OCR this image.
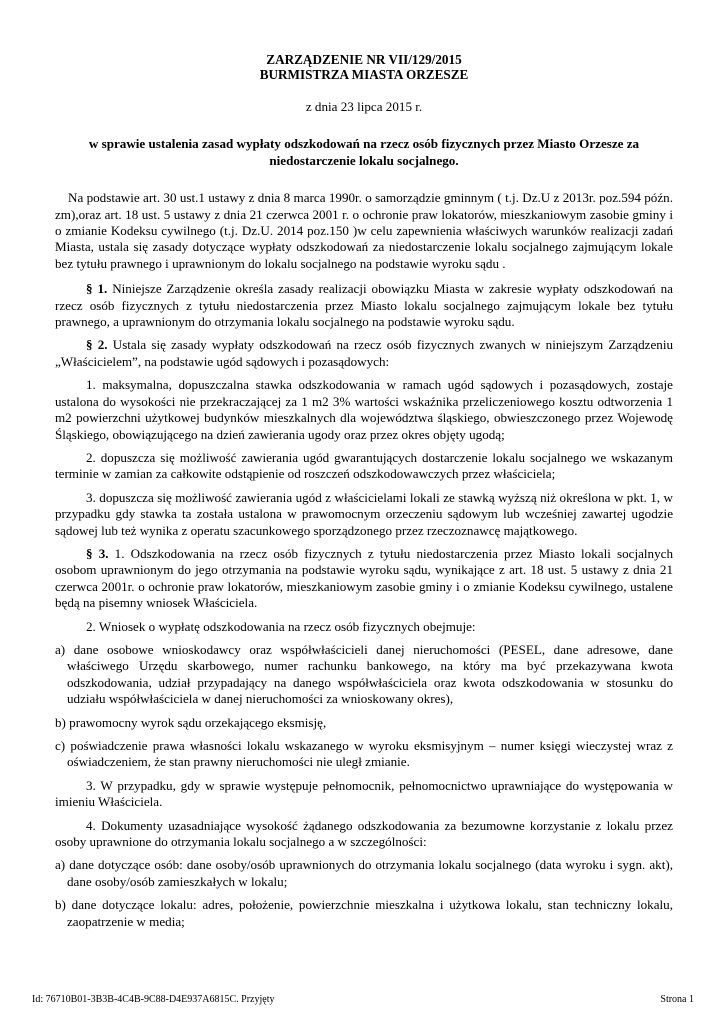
ZARZĄDZENIE NR VII/129/2015

BURMISTRZA MIASTA ORZESZE

z dnia 23 lipca 2015 r.

w sprawie ustalenia zasad wypłaty odszkodowań na rzecz osób fizycznych przez Miasto Orzesze za niedostarczenie lokalu socjalnego.

Na podstawie art. 30 ust.1 ustawy z dnia 8 marca 1990r. o samorządzie gminnym ( t.j. Dz.U z 2013r. poz.594 późn. zm),oraz art. 18 ust. 5 ustawy z dnia 21 czerwca 2001 r. o ochronie praw lokatorów, mieszkaniowym zasobie gminy i o zmianie Kodeksu cywilnego (t.j. Dz.U. 2014 poz.150 )w celu zapewnienia właściwych warunków realizacji zadań Miasta, ustala się zasady dotyczące wypłaty odszkodowań za niedostarczenie lokalu socjalnego zajmującym lokale bez tytułu prawnego i uprawnionym do lokalu socjalnego na podstawie wyroku sądu .

§ 1. Niniejsze Zarządzenie określa zasady realizacji obowiązku Miasta w zakresie wypłaty odszkodowań na rzecz osób fizycznych z tytułu niedostarczenia przez Miasto lokalu socjalnego zajmującym lokale bez tytułu prawnego, a uprawnionym do otrzymania lokalu socjalnego na podstawie wyroku sądu.

§ 2. Ustala się zasady wypłaty odszkodowań na rzecz osób fizycznych zwanych w niniejszym Zarządzeniu „Właścicielem”, na podstawie ugód sądowych i pozasądowych:

1. maksymalna, dopuszczalna stawka odszkodowania w ramach ugód sądowych i pozasądowych, zostaje ustalona do wysokości nie przekraczającej za 1 m2 3% wartości wskaźnika przeliczeniowego kosztu odtworzenia 1 m2 powierzchni użytkowej budynków mieszkalnych dla województwa śląskiego, obwieszczonego przez Wojewodę Śląskiego, obowiązującego na dzień zawierania ugody oraz przez okres objęty ugodą;

2. dopuszcza się możliwość zawierania ugód gwarantujących dostarczenie lokalu socjalnego we wskazanym terminie w zamian za całkowite odstąpienie od roszczeń odszkodowawczych przez właściciela;

3. dopuszcza się możliwość zawierania ugód z właścicielami lokali ze stawką wyższą niż określona w pkt. 1, w przypadku gdy stawka ta została ustalona w prawomocnym orzeczeniu sądowym lub wcześniej zawartej ugodzie sądowej lub też wynika z operatu szacunkowego sporządzonego przez rzeczoznawcę majątkowego.

§ 3. 1. Odszkodowania na rzecz osób fizycznych z tytułu niedostarczenia przez Miasto lokali socjalnych osobom uprawnionym do jego otrzymania na podstawie wyroku sądu, wynikające z art. 18 ust. 5 ustawy z dnia 21 czerwca 2001r. o ochronie praw lokatorów, mieszkaniowym zasobie gminy i o zmianie Kodeksu cywilnego, ustalene będą na pisemny wniosek Właściciela.

2. Wniosek o wypłatę odszkodowania na rzecz osób fizycznych obejmuje:

a) dane osobowe wnioskodawcy oraz współwłaścicieli danej nieruchomości (PESEL, dane adresowe, dane właściwego Urzędu skarbowego, numer rachunku bankowego, na który ma być przekazywana kwota odszkodowania, udział przypadający na danego współwłaściciela oraz kwota odszkodowania w stosunku do udziału współwłaściciela w danej nieruchomości za wnioskowany okres),

b) prawomocny wyrok sądu orzekającego eksmisję,

c) poświadczenie prawa własności lokalu wskazanego w wyroku eksmisyjnym – numer księgi wieczystej wraz z oświadczeniem, że stan prawny nieruchomości nie uległ zmianie.

3. W przypadku, gdy w sprawie występuje pełnomocnik, pełnomocnictwo uprawniające do występowania w imieniu Właściciela.

4. Dokumenty uzasadniające wysokość żądanego odszkodowania za bezumowne korzystanie z lokalu przez osoby uprawnione do otrzymania lokalu socjalnego a w szczególności:

a) dane dotyczące osób: dane osoby/osób uprawnionych do otrzymania lokalu socjalnego (data wyroku i sygn. akt), dane osoby/osób zamieszkałych w lokalu;

b) dane dotyczące lokalu: adres, położenie, powierzchnie mieszkalna i użytkowa lokalu, stan techniczny lokalu, zaopatrzenie w media;

Id: 76710B01-3B3B-4C4B-9C88-D4E937A6815C. Przyjęty	Strona 1
